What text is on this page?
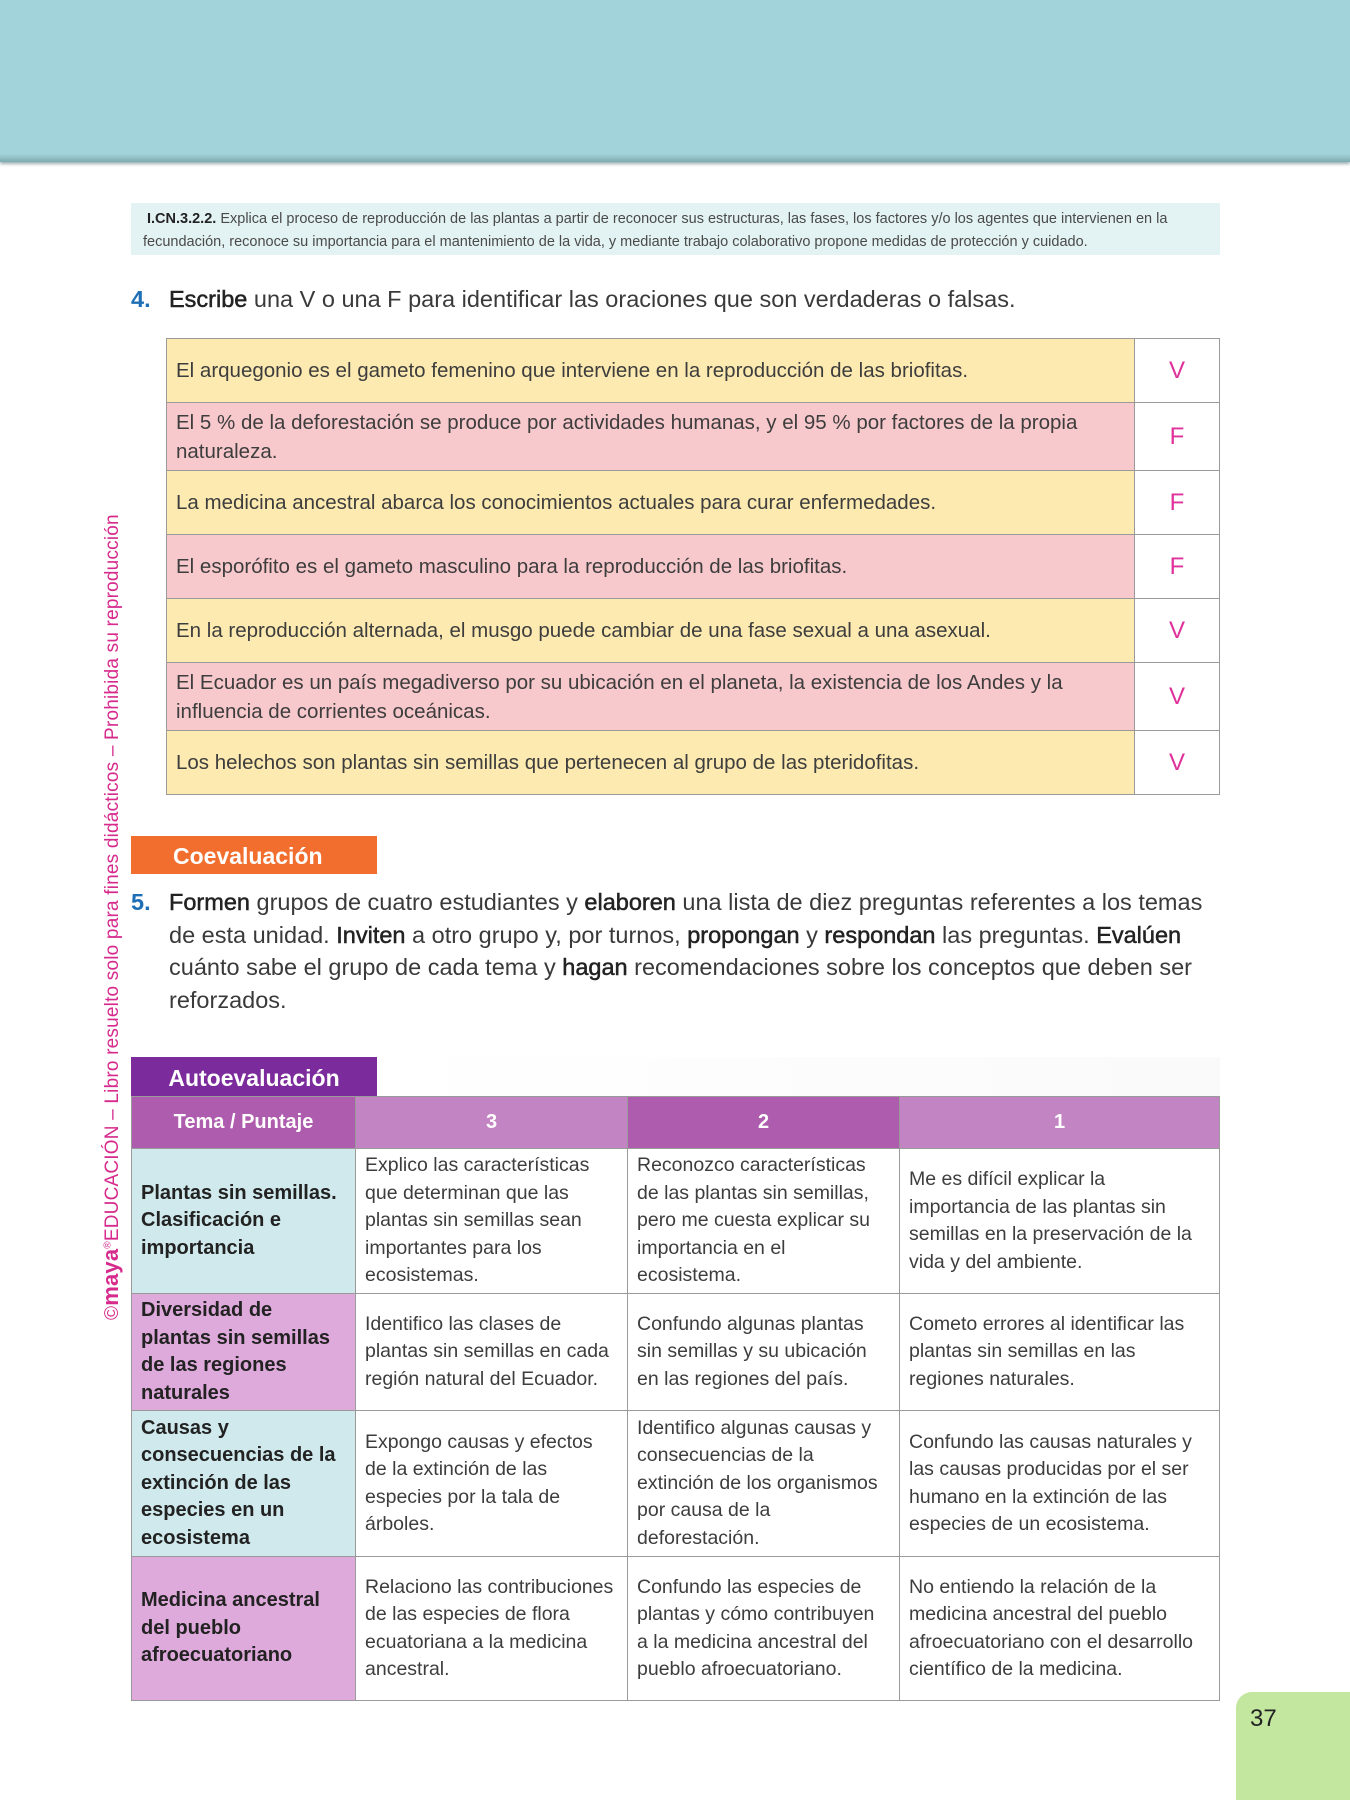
©maya®EDUCACIÓN – Libro resuelto solo para fines didácticos – Prohibida su reproducción
I.CN.3.2.2. Explica el proceso de reproducción de las plantas a partir de reconocer sus estructuras, las fases, los factores y/o los agentes que intervienen en la fecundación, reconoce su importancia para el mantenimiento de la vida, y mediante trabajo colaborativo propone medidas de protección y cuidado.
4. Escribe una V o una F para identificar las oraciones que son verdaderas o falsas.
El arquegonio es el gameto femenino que interviene en la reproducción de las briofitas.	V
El 5 % de la deforestación se produce por actividades humanas, y el 95 % por factores de la propia naturaleza.	F
La medicina ancestral abarca los conocimientos actuales para curar enfermedades.	F
El esporófito es el gameto masculino para la reproducción de las briofitas.	F
En la reproducción alternada, el musgo puede cambiar de una fase sexual a una asexual.	V
El Ecuador es un país megadiverso por su ubicación en el planeta, la existencia de los Andes y la influencia de corrientes oceánicas.	V
Los helechos son plantas sin semillas que pertenecen al grupo de las pteridofitas.	V
Coevaluación
5. Formen grupos de cuatro estudiantes y elaboren una lista de diez preguntas referentes a los temas de esta unidad. Inviten a otro grupo y, por turnos, propongan y respondan las preguntas. Evalúen cuánto sabe el grupo de cada tema y hagan recomendaciones sobre los conceptos que deben ser reforzados.
Autoevaluación
Tema / Puntaje	3	2	1
Plantas sin semillas. Clasificación e importancia	Explico las características que determinan que las plantas sin semillas sean importantes para los ecosistemas.	Reconozco características de las plantas sin semillas, pero me cuesta explicar su importancia en el ecosistema.	Me es difícil explicar la importancia de las plantas sin semillas en la preservación de la vida y del ambiente.
Diversidad de plantas sin semillas de las regiones naturales	Identifico las clases de plantas sin semillas en cada región natural del Ecuador.	Confundo algunas plantas sin semillas y su ubicación en las regiones del país.	Cometo errores al identificar las plantas sin semillas en las regiones naturales.
Causas y consecuencias de la extinción de las especies en un ecosistema	Expongo causas y efectos de la extinción de las especies por la tala de árboles.	Identifico algunas causas y consecuencias de la extinción de los organismos por causa de la deforestación.	Confundo las causas naturales y las causas producidas por el ser humano en la extinción de las especies de un ecosistema.
Medicina ancestral del pueblo afroecuatoriano	Relaciono las contribuciones de las especies de flora ecuatoriana a la medicina ancestral.	Confundo las especies de plantas y cómo contribuyen a la medicina ancestral del pueblo afroecuatoriano.	No entiendo la relación de la medicina ancestral del pueblo afroecuatoriano con el desarrollo científico de la medicina.
37
